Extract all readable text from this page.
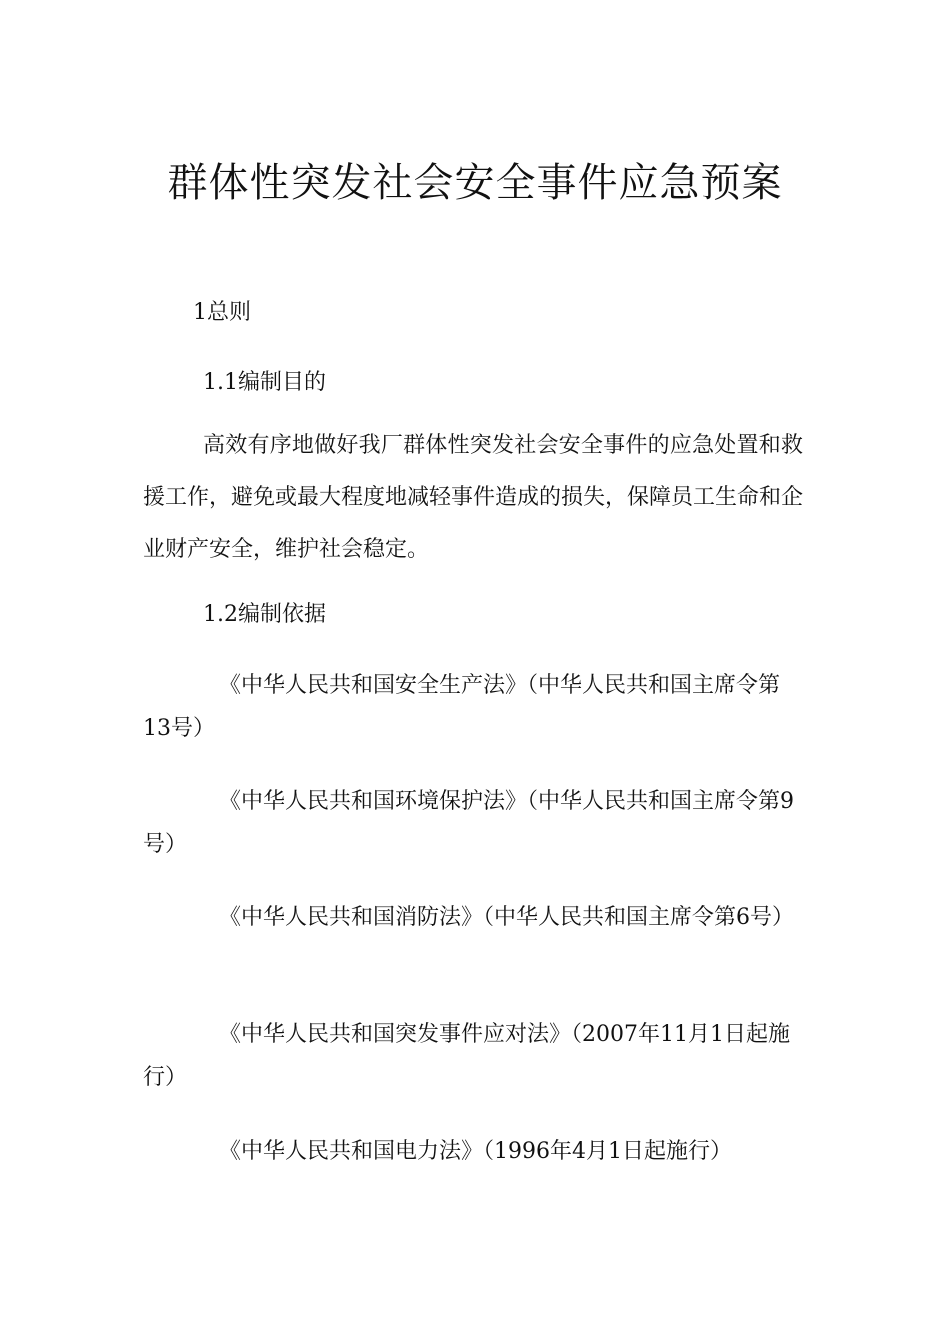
群体性突发社会安全事件应急预案

1总则

1.1编制目的

高效有序地做好我厂群体性突发社会安全事件的应急处置和救援工作，避免或最大程度地减轻事件造成的损失，保障员工生命和企业财产安全，维护社会稳定。

1.2编制依据

《中华人民共和国安全生产法》（中华人民共和国主席令第13号）

《中华人民共和国环境保护法》（中华人民共和国主席令第9号）

《中华人民共和国消防法》（中华人民共和国主席令第6号）

《中华人民共和国突发事件应对法》（2007年11月1日起施行）

《中华人民共和国电力法》（1996年4月1日起施行）
